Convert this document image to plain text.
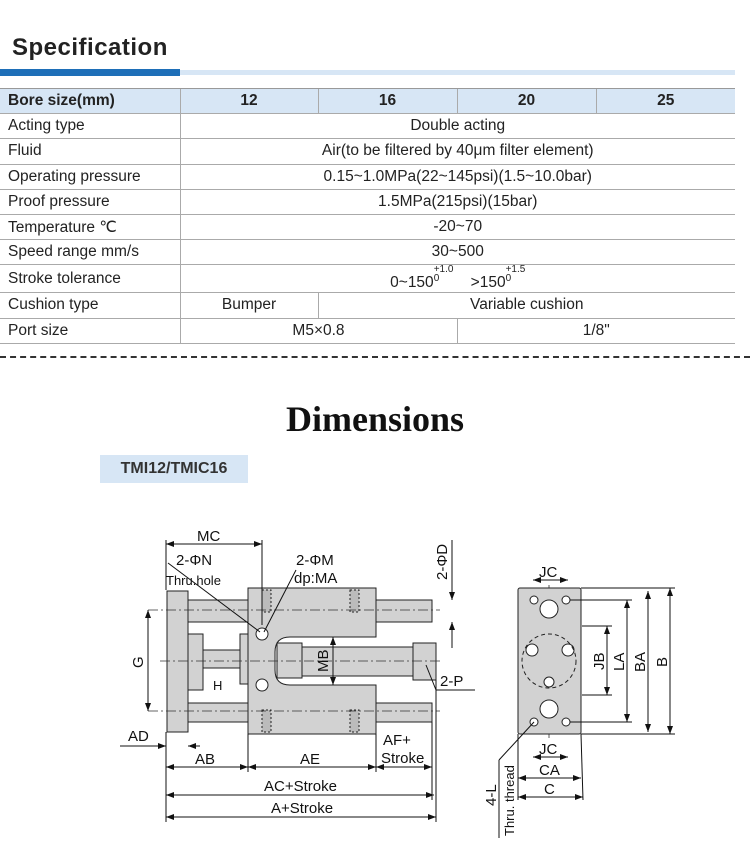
Specification
Bore size(mm)	12	16	20	25
Acting type	Double acting			
Fluid	Air(to be filtered by 40μm filter element)			
Operating pressure	0.15~1.0MPa(22~145psi)(1.5~10.0bar)			
Proof pressure	1.5MPa(215psi)(15bar)			
Temperature ℃	-20~70			
Speed range mm/s	30~500			
Stroke tolerance	$0\sim 150^{+1.0 0} >150^{+1.5 0}$
Cushion type	Bumper	Variable cushion		
Port size	M5×0.8		1/8"	
Dimensions
TMI12/TMIC16
MC
2-ΦN
Thru.hole
2-ΦM
dp:MA	2-ΦD
G	MB
H	2-P
AD
AB	AE
AF+
Stroke
AC+Stroke
A+Stroke
JC
JC
CA
C
JB LA BA B
4-L Thru. thread
